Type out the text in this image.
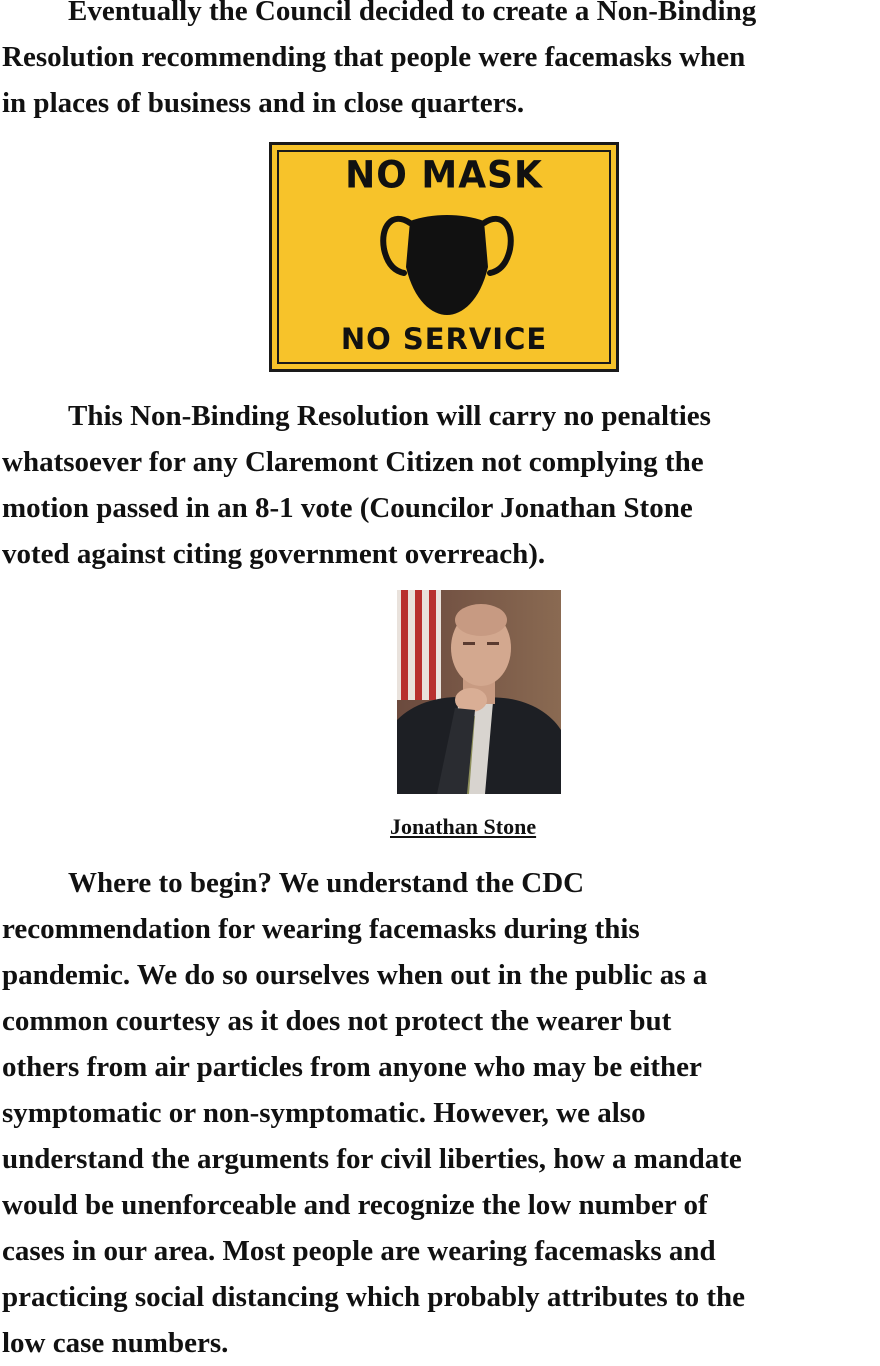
Eventually the Council decided to create a Non-Binding
Resolution recommending that people were facemasks when
in places of business and in close quarters.
NO MASK
NO SERVICE
This Non-Binding Resolution will carry no penalties
whatsoever for any Claremont Citizen not complying the
motion passed in an 8-1 vote (Councilor Jonathan Stone
voted against citing government overreach).
Jonathan Stone
Where to begin? We understand the CDC
recommendation for wearing facemasks during this
pandemic. We do so ourselves when out in the public as a
common courtesy as it does not protect the wearer but
others from air particles from anyone who may be either
symptomatic or non-symptomatic. However, we also
understand the arguments for civil liberties, how a mandate
would be unenforceable and recognize the low number of
cases in our area. Most people are wearing facemasks and
practicing social distancing which probably attributes to the
low case numbers.
